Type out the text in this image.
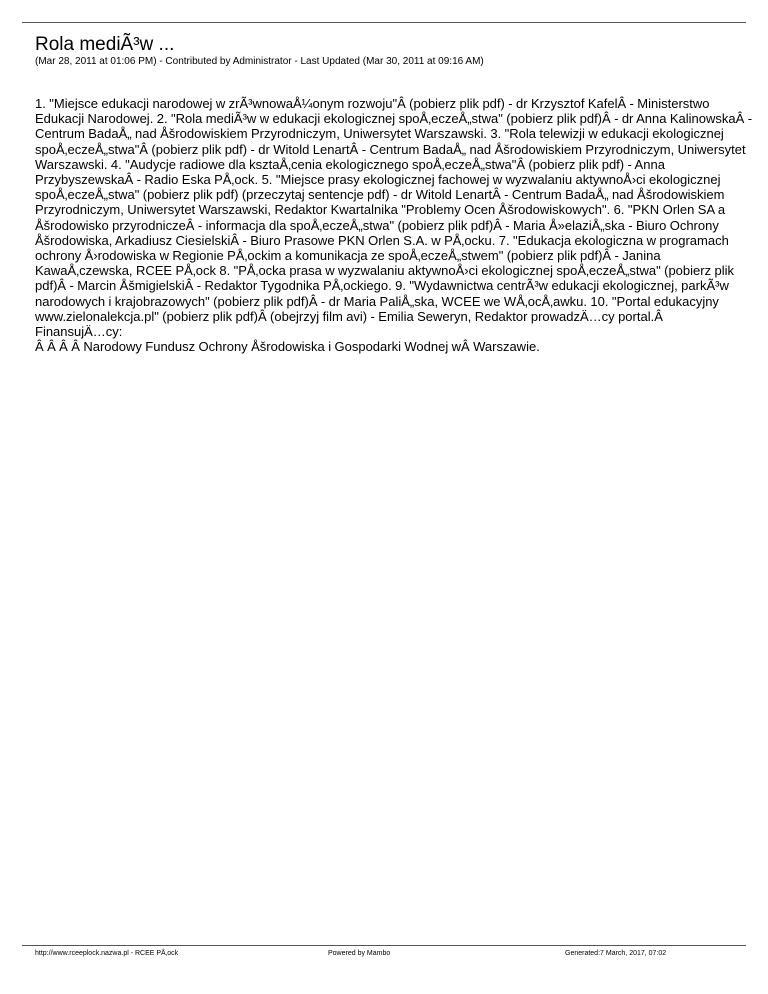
Rola mediÃ³w ...
(Mar 28, 2011 at 01:06 PM) - Contributed by Administrator - Last Updated (Mar 30, 2011 at 09:16 AM)

1. "Miejsce edukacji narodowej w zrÃ³wnowaÅ¼onym rozwoju"Â (pobierz plik pdf) - dr Krzysztof KafelÂ - Ministerstwo Edukacji Narodowej. 2. "Rola mediÃ³w w edukacji ekologicznej spoÅ‚eczeÅ„stwa" (pobierz plik pdf)Â - dr Anna KalinowskaÂ - Centrum BadaÅ„ nad Åšrodowiskiem Przyrodniczym, Uniwersytet Warszawski. 3. "Rola telewizji w edukacji ekologicznej spoÅ‚eczeÅ„stwa"Â (pobierz plik pdf) - dr Witold LenartÂ - Centrum BadaÅ„ nad Åšrodowiskiem Przyrodniczym, Uniwersytet Warszawski. 4. "Audycje radiowe dla ksztaÅ‚cenia ekologicznego spoÅ‚eczeÅ„stwa"Â (pobierz plik pdf) - Anna PrzybyszewskaÂ - Radio Eska PÅ‚ock. 5. "Miejsce prasy ekologicznej fachowej w wyzwalaniu aktywnoÅ›ci ekologicznej spoÅ‚eczeÅ„stwa" (pobierz plik pdf) (przeczytaj sentencje pdf) - dr Witold LenartÂ - Centrum BadaÅ„ nad Åšrodowiskiem Przyrodniczym, Uniwersytet Warszawski, Redaktor Kwartalnika "Problemy Ocen Åšrodowiskowych". 6. "PKN Orlen SA a Åšrodowisko przyrodniczeÂ - informacja dla spoÅ‚eczeÅ„stwa" (pobierz plik pdf)Â - Maria Å»elaziÅ„ska - Biuro Ochrony Åšrodowiska, Arkadiusz CiesielskiÂ - Biuro Prasowe PKN Orlen S.A. w PÅ‚ocku. 7. "Edukacja ekologiczna w programach ochrony Å›rodowiska w Regionie PÅ‚ockim a komunikacja ze spoÅ‚eczeÅ„stwem" (pobierz plik pdf)Â - Janina KawaÅ‚czewska, RCEE PÅ‚ock 8. "PÅ‚ocka prasa w wyzwalaniu aktywnoÅ›ci ekologicznej spoÅ‚eczeÅ„stwa" (pobierz plik pdf)Â - Marcin ÅšmigielskiÂ - Redaktor Tygodnika PÅ‚ockiego. 9. "Wydawnictwa centrÃ³w edukacji ekologicznej, parkÃ³w narodowych i krajobrazowych" (pobierz plik pdf)Â - dr Maria PaliÅ„ska, WCEE we WÅ‚ocÅ‚awku. 10. "Portal edukacyjny www.zielonalekcja.pl" (pobierz plik pdf)Â (obejrzyj film avi) - Emilia Seweryn, Redaktor prowadzÄ…cy portal.Â

FinansujÄ…cy:

Â Â Â Â Narodowy Fundusz Ochrony Åšrodowiska i Gospodarki Wodnej wÂ Warszawie.

http://www.rceeplock.nazwa.pl - RCEE PÅ‚ock	Powered by Mambo	Generated:7 March, 2017, 07:02
